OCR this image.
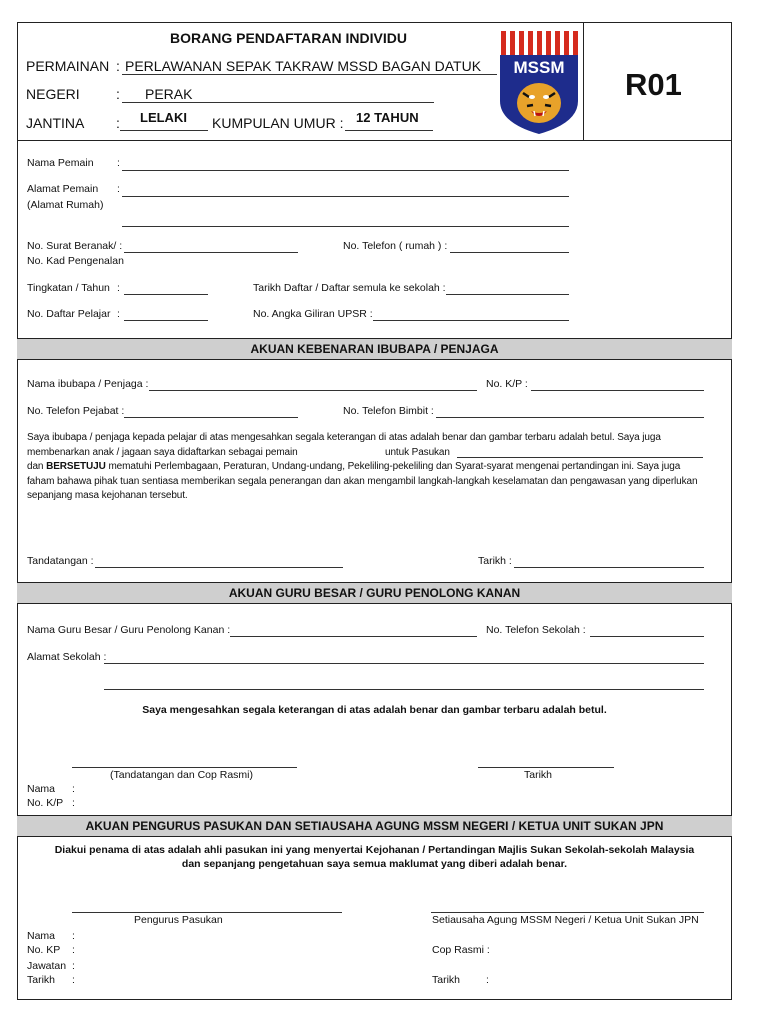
BORANG PENDAFTARAN INDIVIDU
PERMAINAN : PERLAWANAN SEPAK TAKRAW MSSD BAGAN DATUK
NEGERI	: PERAK
JANTINA : LELAKI KUMPULAN UMUR : 12 TAHUN
MSSM R01
Nama Pemain :
Alamat Pemain :
(Alamat Rumah)
No. Surat Beranak/ :
No. Kad Pengenalan
No. Telefon ( rumah ) :
Tingkatan / Tahun :	Tarikh Daftar / Daftar semula ke sekolah :
No. Daftar Pelajar :	No. Angka Giliran UPSR :
AKUAN KEBENARAN IBUBAPA / PENJAGA
Nama ibubapa / Penjaga :	No. K/P :
No. Telefon Pejabat :	No. Telefon Bimbit :
Saya ibubapa / penjaga kepada pelajar di atas mengesahkan segala keterangan di atas adalah benar dan gambar terbaru adalah betul. Saya juga
membenarkan anak / jagaan saya didaftarkan sebagai pemain	untuk Pasukan
dan BERSETUJU mematuhi Perlembagaan, Peraturan, Undang-undang, Pekeliling-pekeliling dan Syarat-syarat mengenai pertandingan ini. Saya juga
faham bahawa pihak tuan sentiasa memberikan segala penerangan dan akan mengambil langkah-langkah keselamatan dan pengawasan yang diperlukan
sepanjang masa kejohanan tersebut.
Tandatangan :	Tarikh :
AKUAN GURU BESAR / GURU PENOLONG KANAN
Nama Guru Besar / Guru Penolong Kanan :	No. Telefon Sekolah :
Alamat Sekolah :
Saya mengesahkan segala keterangan di atas adalah benar dan gambar terbaru adalah betul.
(Tandatangan dan Cop Rasmi)	Tarikh
Nama :
No. K/P :
AKUAN PENGURUS PASUKAN DAN SETIAUSAHA AGUNG MSSM NEGERI / KETUA UNIT SUKAN JPN
Diakui penama di atas adalah ahli pasukan ini yang menyertai Kejohanan / Pertandingan Majlis Sukan Sekolah-sekolah Malaysia
dan sepanjang pengetahuan saya semua maklumat yang diberi adalah benar.
Pengurus Pasukan	Setiausaha Agung MSSM Negeri / Ketua Unit Sukan JPN
Nama :
No. KP :
Jawatan :
Tarikh :
Cop Rasmi :
Tarikh :
